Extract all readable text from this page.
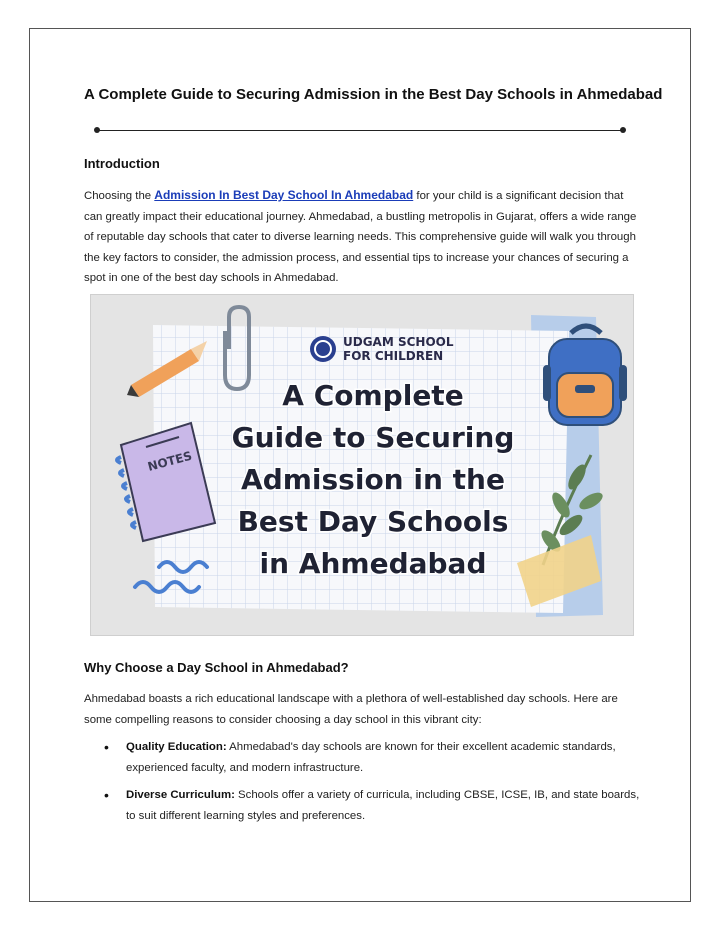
A Complete Guide to Securing Admission in the Best Day Schools in Ahmedabad
Introduction
Choosing the Admission In Best Day School In Ahmedabad for your child is a significant decision that can greatly impact their educational journey. Ahmedabad, a bustling metropolis in Gujarat, offers a wide range of reputable day schools that cater to diverse learning needs. This comprehensive guide will walk you through the key factors to consider, the admission process, and essential tips to increase your chances of securing a spot in one of the best day schools in Ahmedabad.
NOTES
UDGAM SCHOOL
FOR CHILDREN
A Complete
Guide to Securing
Admission in the
Best Day Schools
in Ahmedabad
Why Choose a Day School in Ahmedabad?
Ahmedabad boasts a rich educational landscape with a plethora of well-established day schools. Here are some compelling reasons to consider choosing a day school in this vibrant city:
• Quality Education: Ahmedabad's day schools are known for their excellent academic standards, experienced faculty, and modern infrastructure.
• Diverse Curriculum: Schools offer a variety of curricula, including CBSE, ICSE, IB, and state boards, to suit different learning styles and preferences.
